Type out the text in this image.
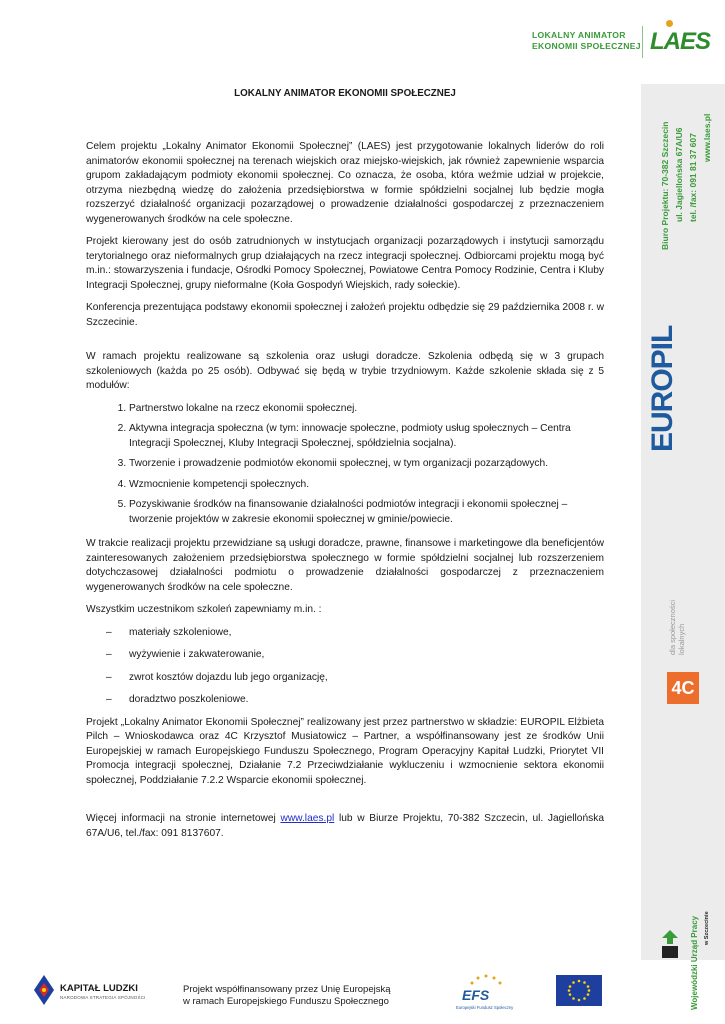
LOKALNY ANIMATOR
EKONOMII SPOŁECZNEJ LAES
Biuro Projektu: 70-382 Szczecin ul. Jagiellońska 67A/U6 tel. /fax: 091 81 37 607 www.laes.pl
EUROPIL
dla społeczności lokalnych
4C
Wojewódzki Urząd Pracy w Szczecinie
LOKALNY ANIMATOR EKONOMII SPOŁECZNEJ

Celem projektu „Lokalny Animator Ekonomii Społecznej” (LAES) jest przygotowanie lokalnych liderów do roli animatorów ekonomii społecznej na terenach wiejskich oraz miejsko-wiejskich, jak również zapewnienie wsparcia grupom zakładającym podmioty ekonomii społecznej. Co oznacza, że osoba, która weźmie udział w projekcie, otrzyma niezbędną wiedzę do założenia przedsiębiorstwa w formie spółdzielni socjalnej lub będzie mogła rozszerzyć działalność organizacji pozarządowej o prowadzenie działalności gospodarczej z przeznaczeniem wygenerowanych środków na cele społeczne.

Projekt kierowany jest do osób zatrudnionych w instytucjach organizacji pozarządowych i instytucji samorządu terytorialnego oraz nieformalnych grup działających na rzecz integracji społecznej. Odbiorcami projektu mogą być m.in.: stowarzyszenia i fundacje, Ośrodki Pomocy Społecznej, Powiatowe Centra Pomocy Rodzinie, Centra i Kluby Integracji Społecznej, grupy nieformalne (Koła Gospodyń Wiejskich, rady sołeckie).

Konferencja prezentująca podstawy ekonomii społecznej i założeń projektu odbędzie się 29 października 2008 r. w Szczecinie.

W ramach projektu realizowane są szkolenia oraz usługi doradcze. Szkolenia odbędą się w 3 grupach szkoleniowych (każda po 25 osób). Odbywać się będą w trybie trzydniowym. Każde szkolenie składa się z 5 modułów:

1. Partnerstwo lokalne na rzecz ekonomii społecznej.
2. Aktywna integracja społeczna (w tym: innowacje społeczne, podmioty usług społecznych – Centra Integracji Społecznej, Kluby Integracji Społecznej, spółdzielnia socjalna).
3. Tworzenie i prowadzenie podmiotów ekonomii społecznej, w tym organizacji pozarządowych.
4. Wzmocnienie kompetencji społecznych.
5. Pozyskiwanie środków na finansowanie działalności podmiotów integracji i ekonomii społecznej – tworzenie projektów w zakresie ekonomii społecznej w gminie/powiecie.

W trakcie realizacji projektu przewidziane są usługi doradcze, prawne, finansowe i marketingowe dla beneficjentów zainteresowanych założeniem przedsiębiorstwa społecznego w formie spółdzielni socjalnej lub rozszerzeniem dotychczasowej działalności podmiotu o prowadzenie działalności gospodarczej z przeznaczeniem wygenerowanych środków na cele społeczne.

Wszystkim uczestnikom szkoleń zapewniamy m.in. :

– materiały szkoleniowe,
– wyżywienie i zakwaterowanie,
– zwrot kosztów dojazdu lub jego organizację,
– doradztwo poszkoleniowe.

Projekt „Lokalny Animator Ekonomii Społecznej” realizowany jest przez partnerstwo w składzie: EUROPIL Elżbieta Pilch – Wnioskodawca oraz 4C Krzysztof Musiatowicz – Partner, a współfinansowany jest ze środków Unii Europejskiej w ramach Europejskiego Funduszu Społecznego, Program Operacyjny Kapitał Ludzki, Priorytet VII Promocja integracji społecznej, Działanie 7.2 Przeciwdziałanie wykluczeniu i wzmocnienie sektora ekonomii społecznej, Poddziałanie 7.2.2 Wsparcie ekonomii społecznej.

Więcej informacji na stronie internetowej www.laes.pl lub w Biurze Projektu, 70-382 Szczecin, ul. Jagiellońska 67A/U6, tel./fax: 091 8137607.

KAPITAŁ LUDZKI
NARODOWA STRATEGIA SPÓJNOŚCI
Projekt współfinansowany przez Unię Europejską
w ramach Europejskiego Funduszu Społecznego	EFS
Europejski Fundusz Społeczny
